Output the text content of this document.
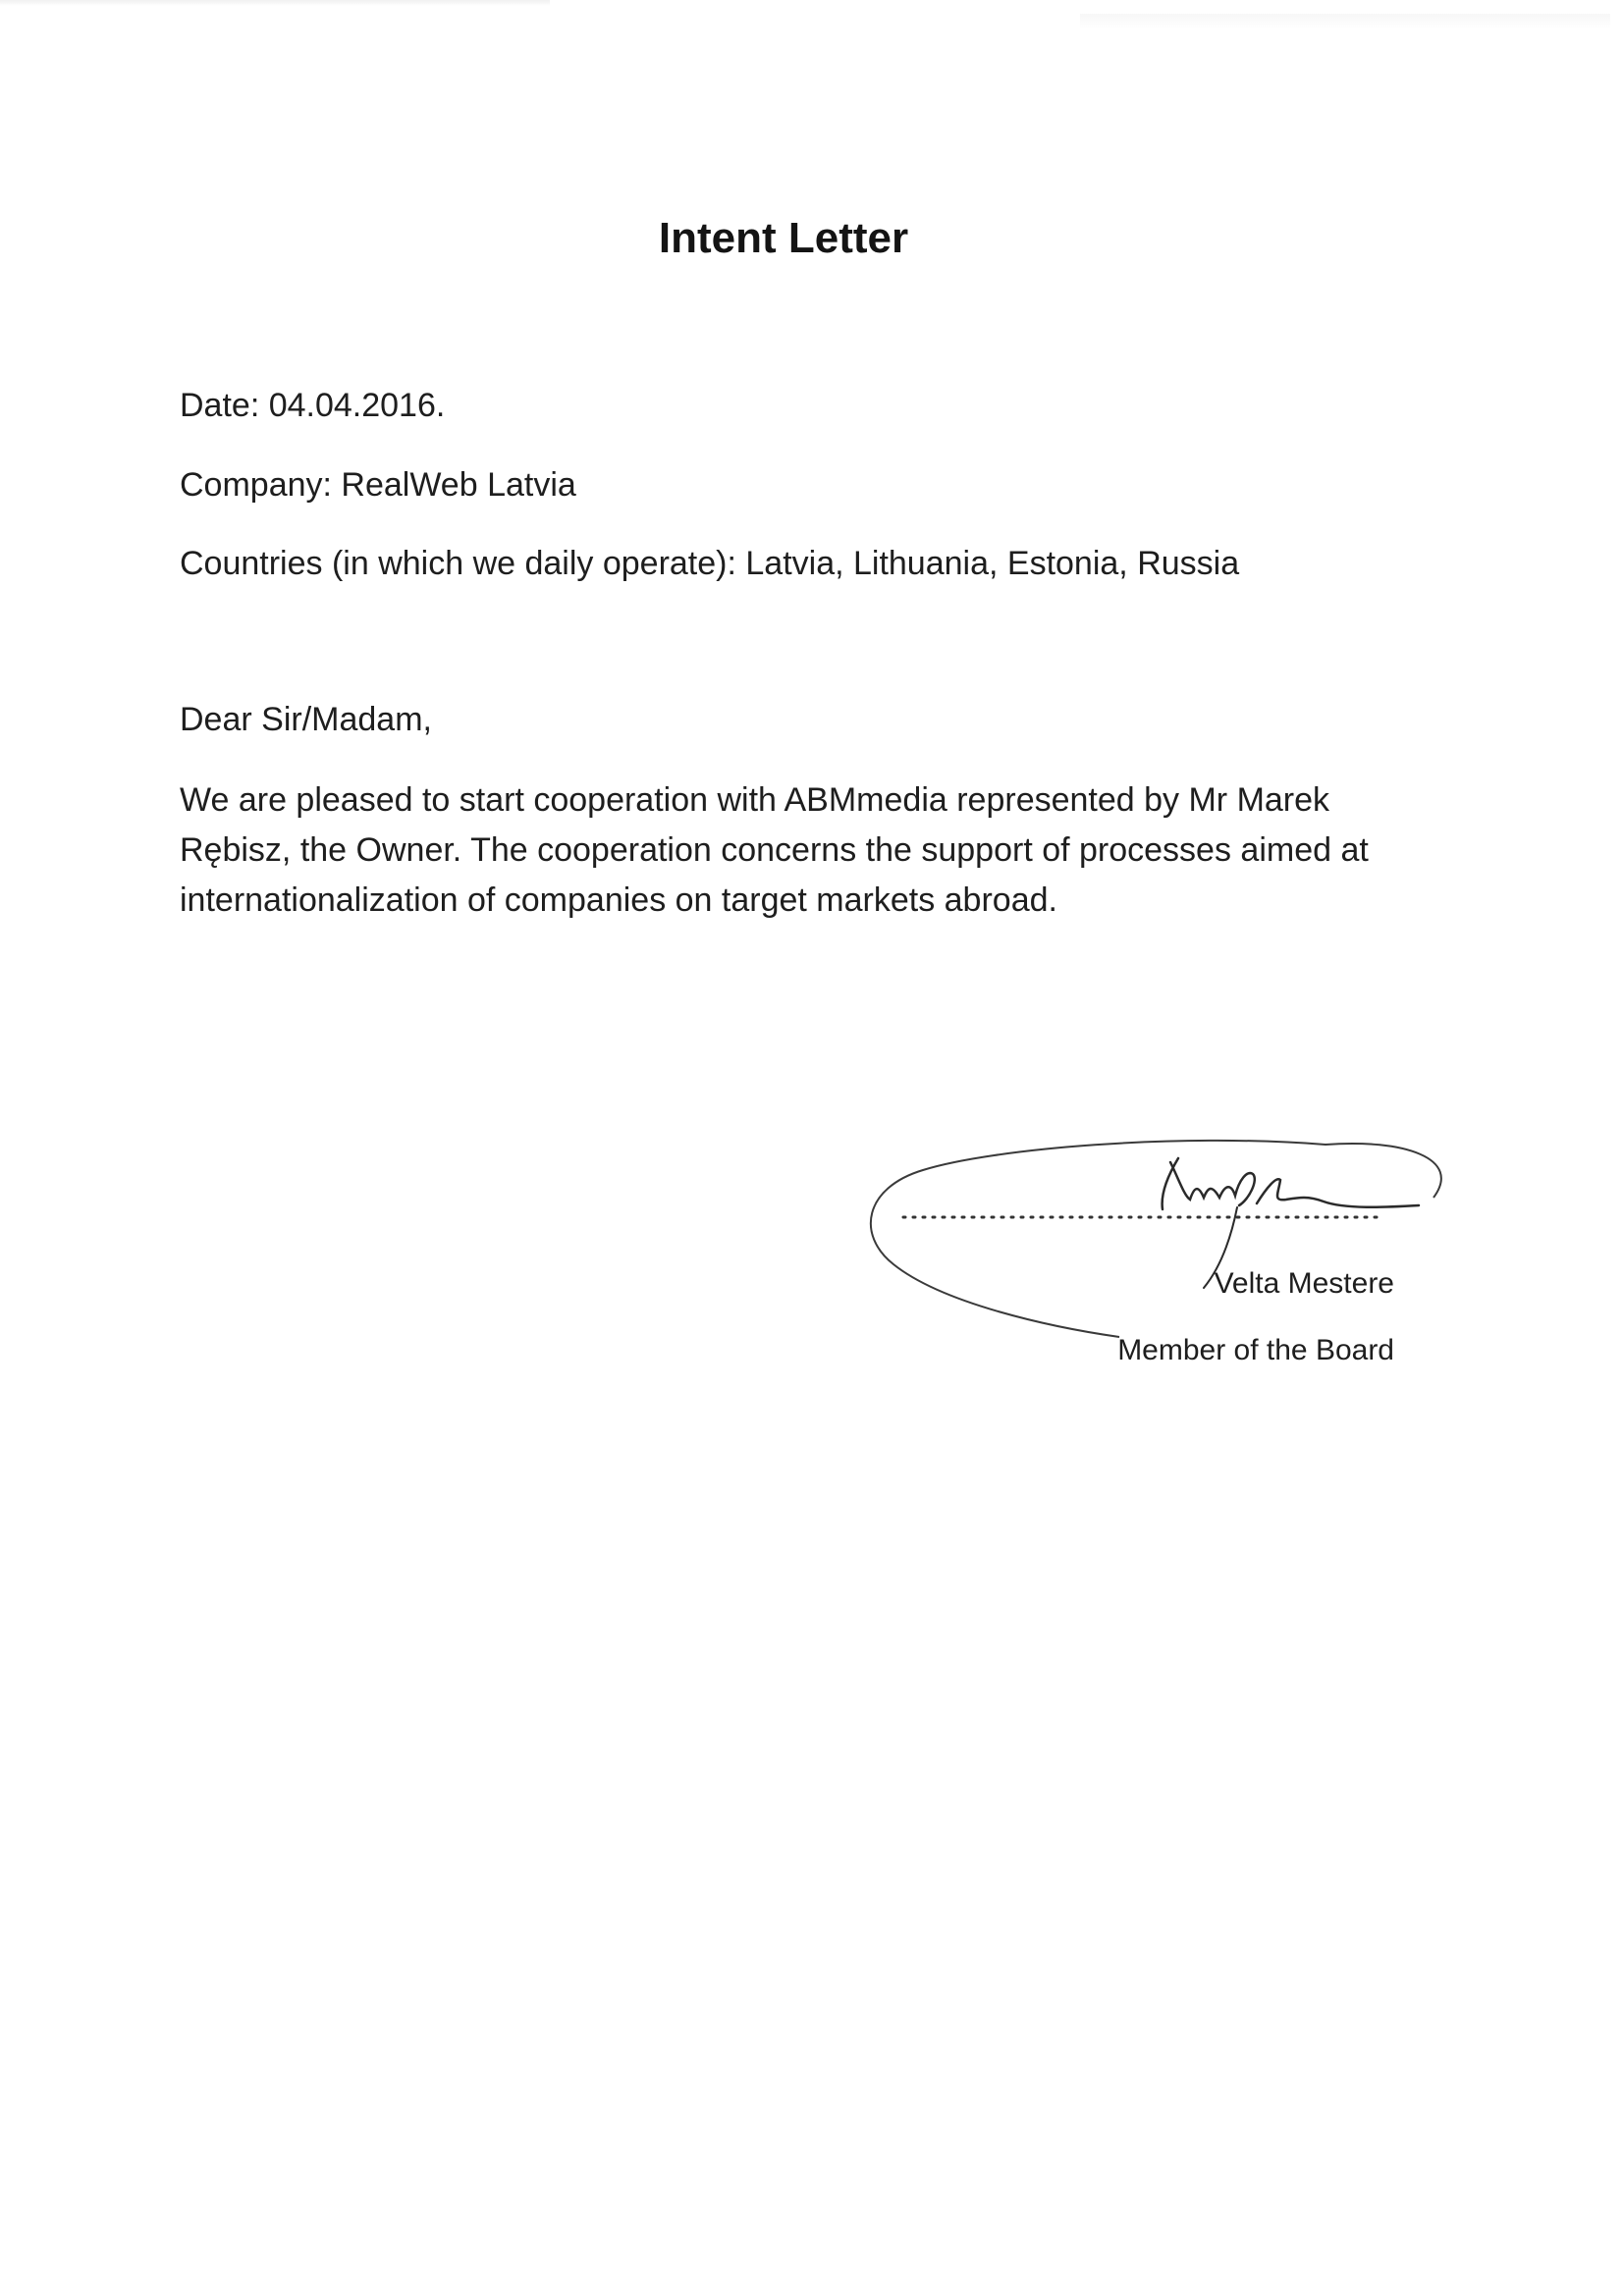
Intent Letter

Date: 04.04.2016.

Company: RealWeb Latvia

Countries (in which we daily operate): Latvia, Lithuania, Estonia, Russia

Dear Sir/Madam,

We are pleased to start cooperation with ABMmedia represented by Mr Marek Rębisz, the Owner. The cooperation concerns the support of processes aimed at internationalization of companies on target markets abroad.

Velta Mestere
Member of the Board
